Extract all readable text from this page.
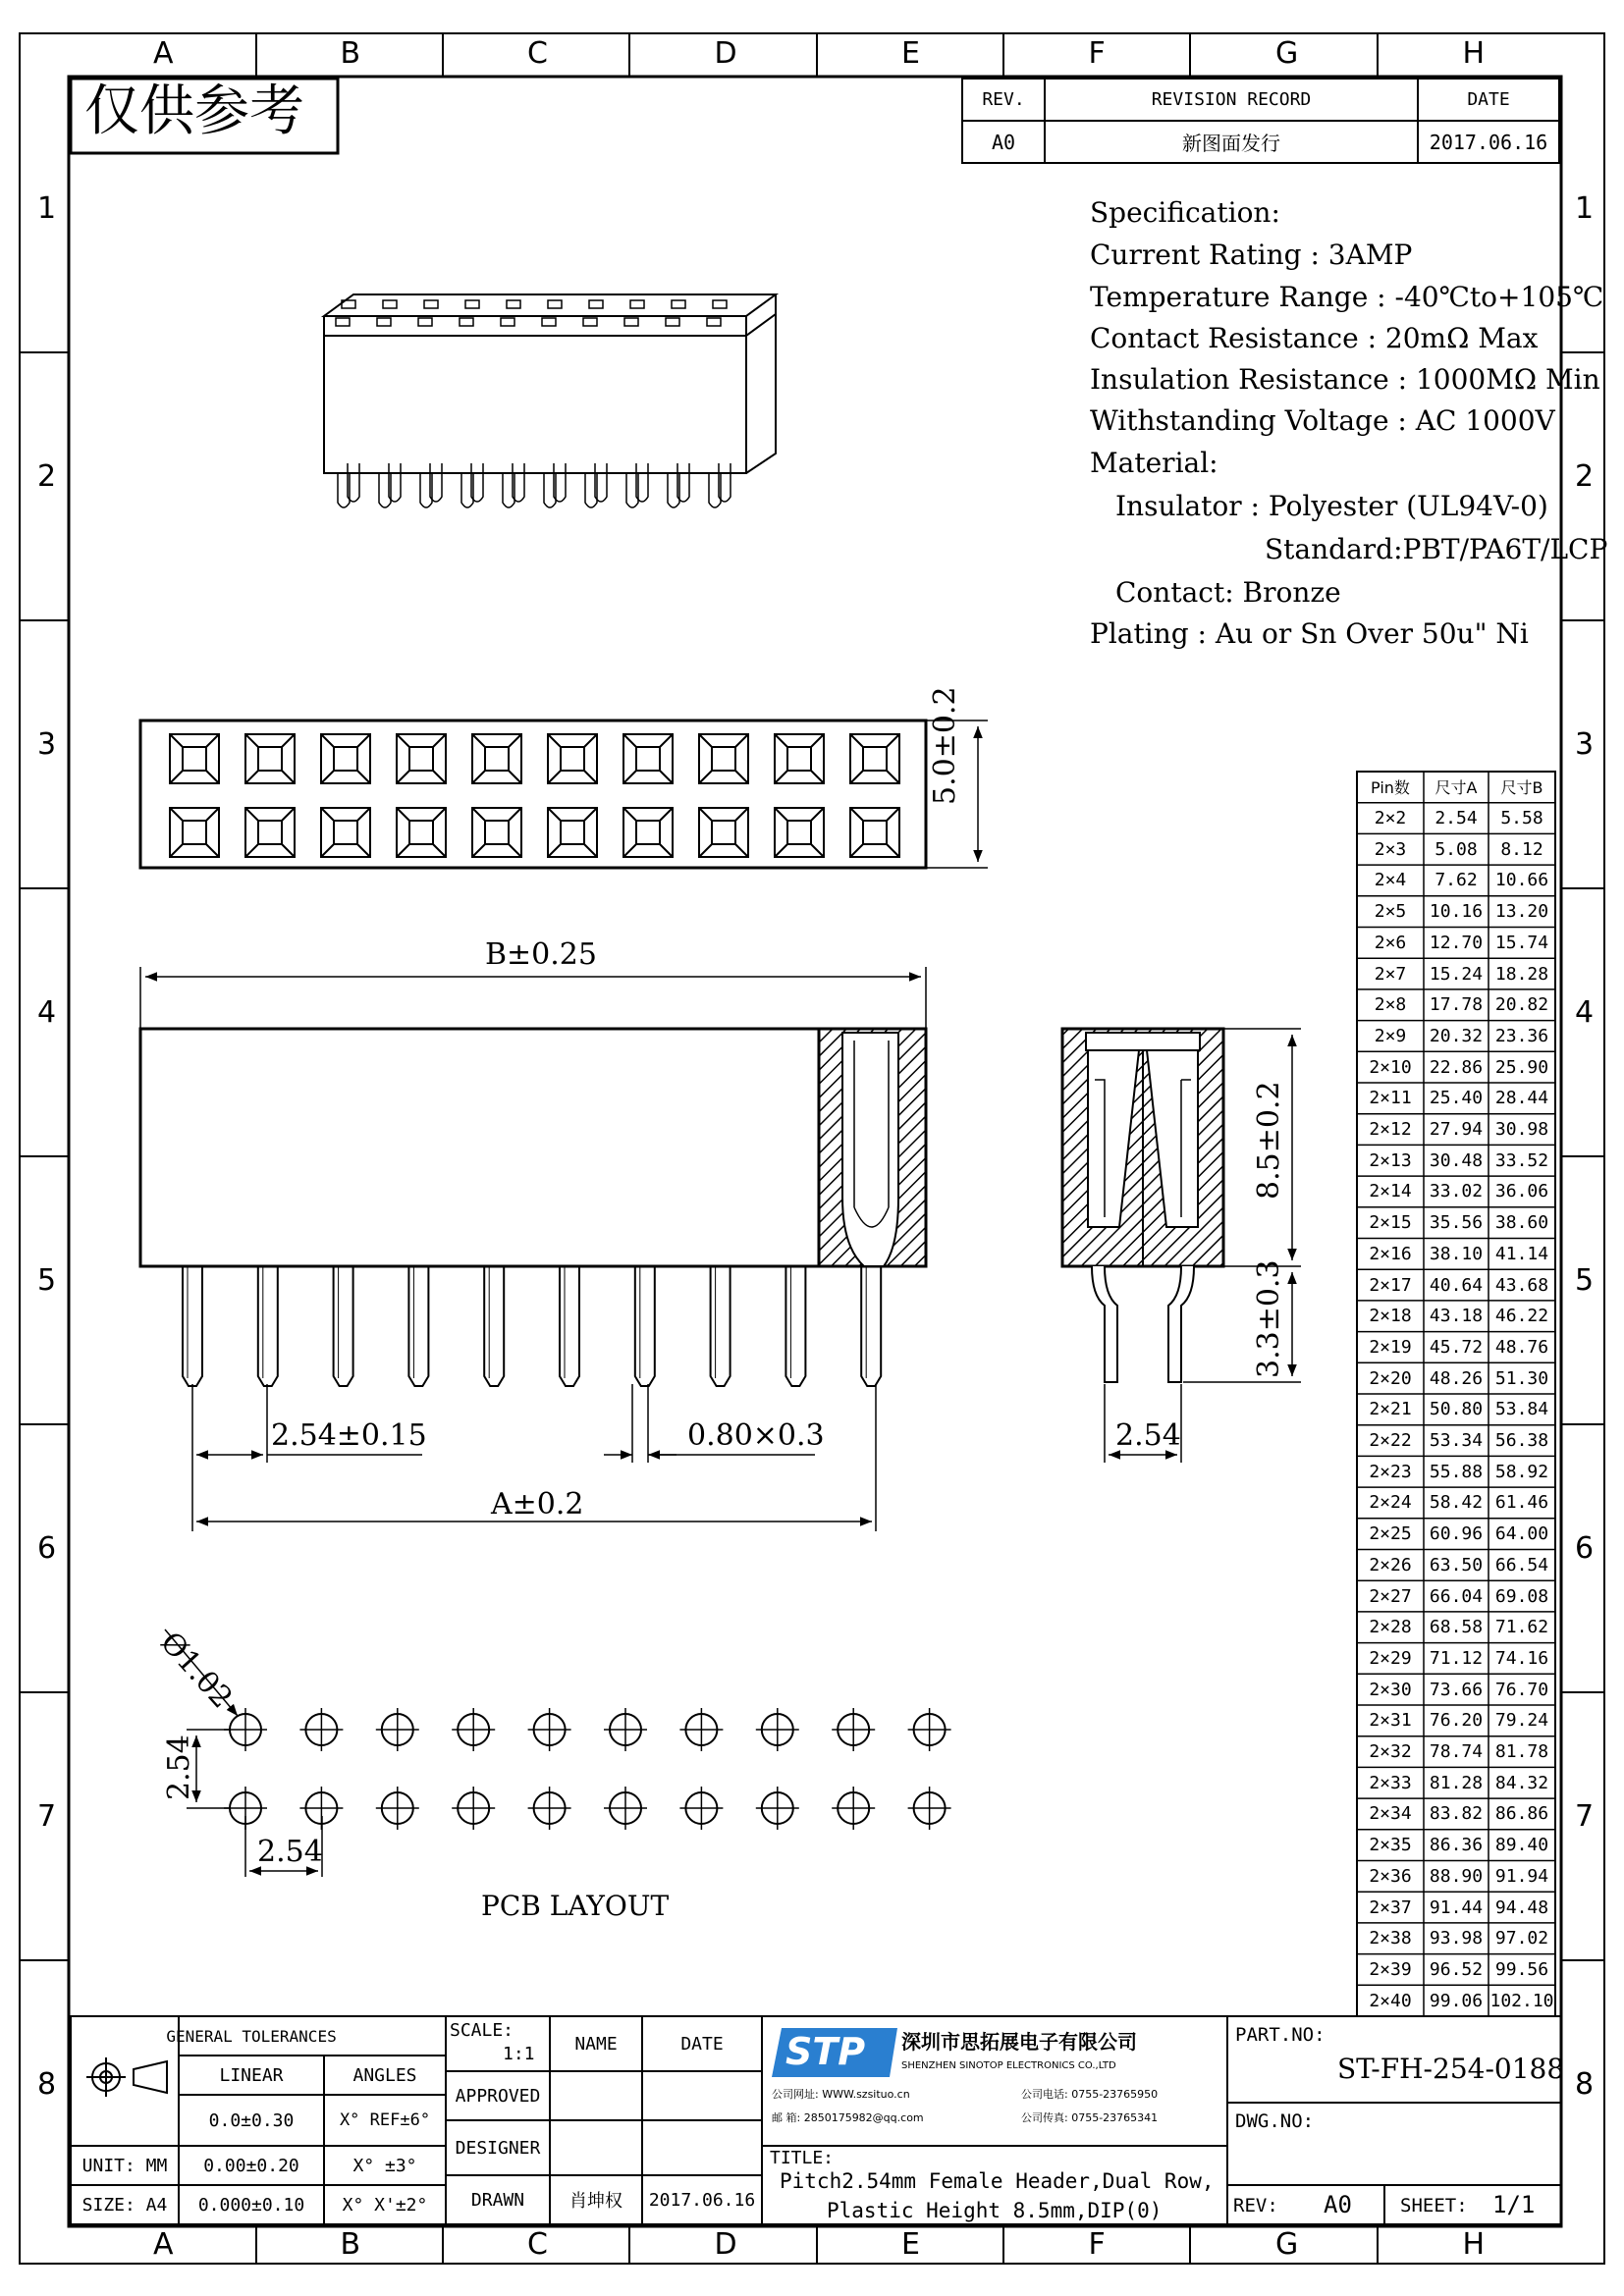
仅供参考	REV.	REVISION RECORD	DATE
A0	新图面发行	2017.06.16
Specification:
Current Rating : 3AMP
Temperature Range : -40℃to+105℃
Contact Resistance : 20mΩ Max
Insulation Resistance : 1000MΩ Min
Withstanding Voltage : AC 1000V
Material:
Insulator : Polyester (UL94V-0)
Standard:PBT/PA6T/LCP
Contact: Bronze
Plating : Au or Sn Over 50u" Ni
5.0±0.2
B±0.25
8.5±0.2
3.3±0.3
2.54±0.15	0.80×0.3
A±0.2
2.54
Ø1.02
2.54
2.54
PCB LAYOUT
Pin数	尺寸A	尺寸B
2×2	2.54	5.58
2×3	5.08	8.12
2×4	7.62	10.66
2×5	10.16 13.20
2×6	12.70 15.74
2×7	15.24 18.28
2×8	17.78 20.82
2×9	20.32 23.36
2×10	22.86 25.90
2×11	25.40 28.44
2×12	27.94 30.98
2×13	30.48 33.52
2×14	33.02 36.06
2×15	35.56 38.60
2×16	38.10 41.14
2×17	40.64 43.68
2×18	43.18 46.22
2×19	45.72 48.76
2×20	48.26 51.30
2×21	50.80 53.84
2×22	53.34 56.38
2×23	55.88 58.92
2×24	58.42 61.46
2×25	60.96 64.00
2×26	63.50 66.54
2×27	66.04 69.08
2×28	68.58 71.62
2×29	71.12 74.16
2×30	73.66 76.70
2×31	76.20 79.24
2×32	78.74 81.78
2×33	81.28 84.32
2×34	83.82 86.86
2×35	86.36 89.40
2×36	88.90 91.94
2×37	91.44 94.48
2×38	93.98 97.02
2×39	96.52 99.56
2×40	99.06 102.10
GENERAL TOLERANCES
LINEAR	ANGLES
0.0±0.30	X° REF±6°
0.00±0.20	X° ±3°
0.000±0.10	X° X'±2°
UNIT: MM
SIZE: A4
SCALE:
1:1	NAME	DATE
APPROVED
DESIGNER
DRAWN	肖坤权	2017.06.16
STP 深圳市思拓展电子有限公司
SHENZHEN SINOTOP ELECTRONICS CO.,LTD
公司网址: WWW.szsituo.cn
邮 箱: 2850175982@qq.com
公司电话: 0755-23765950
公司传真: 0755-23765341
TITLE:
Pitch2.54mm Female Header,Dual Row,
Plastic Height 8.5mm,DIP(0)
PART.NO:
ST-FH-254-0188
DWG.NO:
REV: A0	SHEET: 1/1
A
A
B
B
C
C
D
D
E
E
F
F
G
G
H
H
1	1
2	2
3	3
4	4
5	5
6	6
7	7
8	8
